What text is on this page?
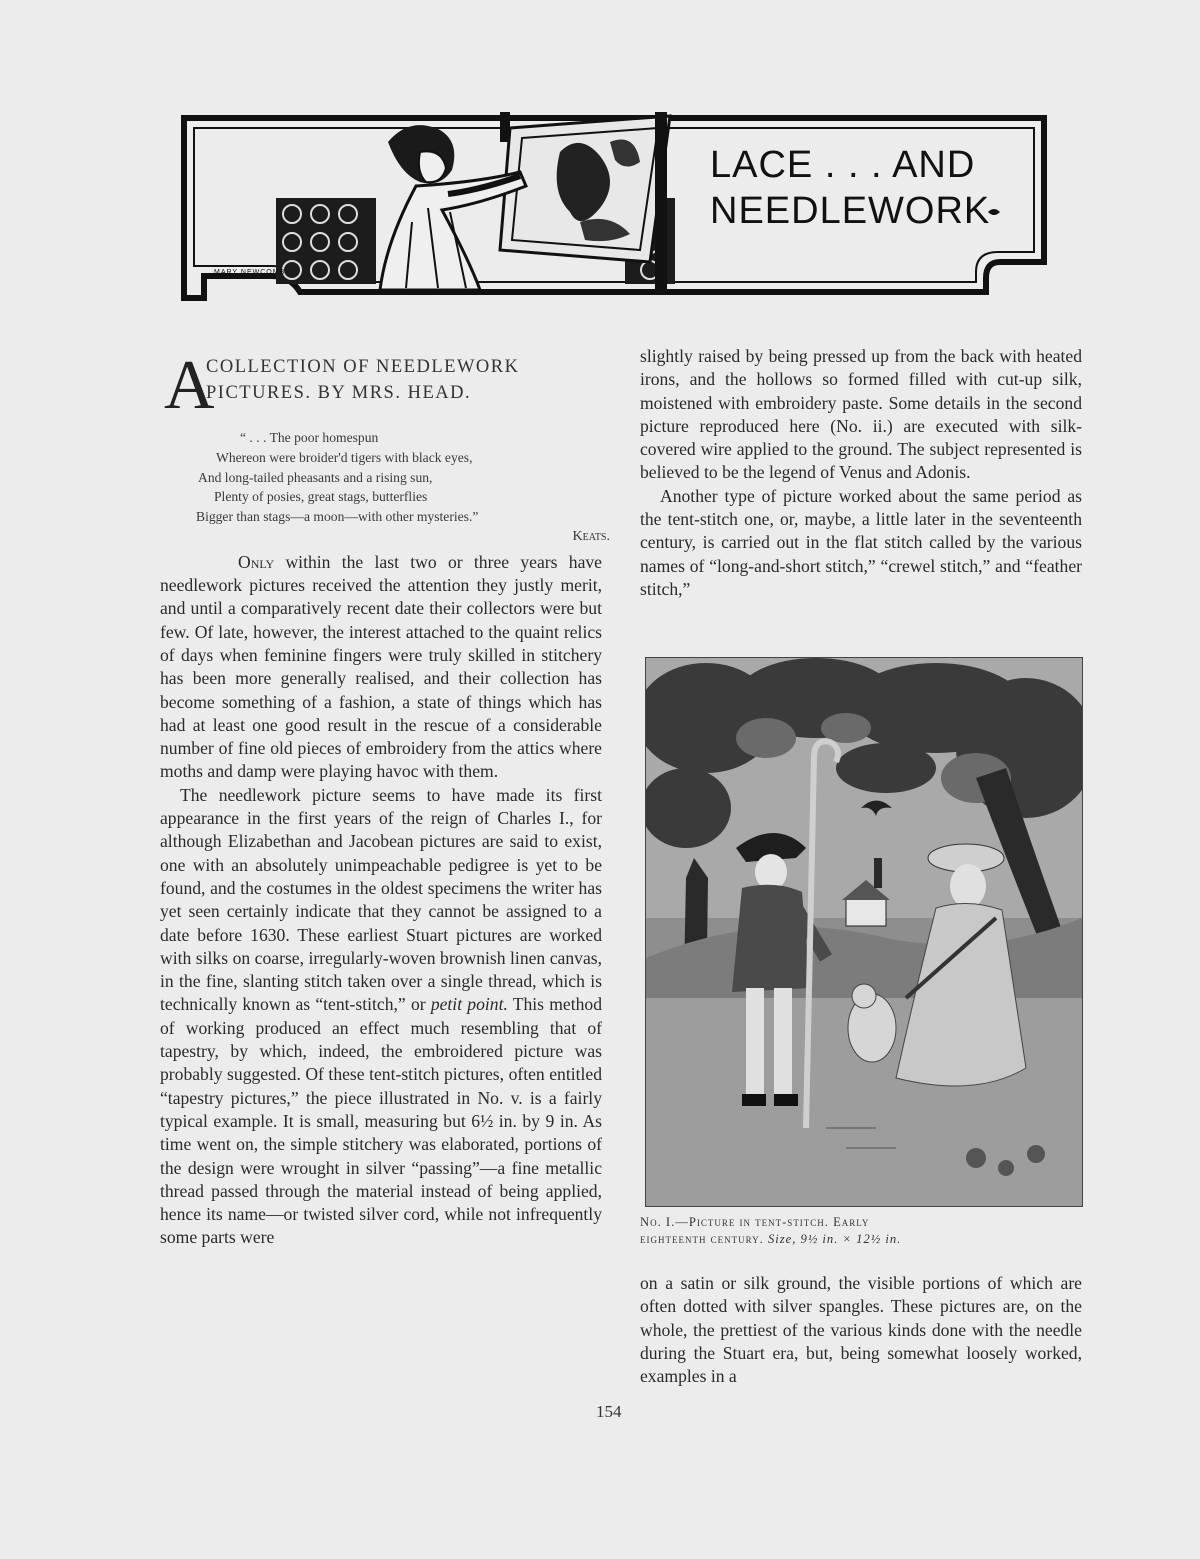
MARY NEWCOMB
LACE . . . AND
NEEDLEWORK
A
COLLECTION OF NEEDLEWORK
PICTURES. BY MRS. HEAD.
“ . . . The poor homespun
Whereon were broider'd tigers with black eyes,
And long-tailed pheasants and a rising sun,
Plenty of posies, great stags, butterflies
Bigger than stags—a moon—with other mysteries.”
Keats.

Only within the last two or three years have needlework pictures received the attention they justly merit, and until a comparatively recent date their collectors were but few. Of late, however, the interest attached to the quaint relics of days when feminine fingers were truly skilled in stitchery has been more generally realised, and their collection has become something of a fashion, a state of things which has had at least one good result in the rescue of a considerable number of fine old pieces of embroidery from the attics where moths and damp were playing havoc with them.

The needlework picture seems to have made its first appearance in the first years of the reign of Charles I., for although Elizabethan and Jacobean pictures are said to exist, one with an absolutely unimpeachable pedigree is yet to be found, and the costumes in the oldest specimens the writer has yet seen certainly indicate that they cannot be assigned to a date before 1630. These earliest Stuart pictures are worked with silks on coarse, irregularly-woven brownish linen canvas, in the fine, slanting stitch taken over a single thread, which is technically known as “tent-stitch,” or petit point. This method of working produced an effect much resembling that of tapestry, by which, indeed, the embroidered picture was probably suggested. Of these tent-stitch pictures, often entitled “tapestry pictures,” the piece illustrated in No. v. is a fairly typical example. It is small, measuring but 6½ in. by 9 in. As time went on, the simple stitchery was elaborated, portions of the design were wrought in silver “passing”—a fine metallic thread passed through the material instead of being applied, hence its name—or twisted silver cord, while not infrequently some parts were

slightly raised by being pressed up from the back with heated irons, and the hollows so formed filled with cut-up silk, moistened with embroidery paste. Some details in the second picture reproduced here (No. ii.) are executed with silk-covered wire applied to the ground. The subject represented is believed to be the legend of Venus and Adonis.

Another type of picture worked about the same period as the tent-stitch one, or, maybe, a little later in the seventeenth century, is carried out in the flat stitch called by the various names of “long-and-short stitch,” “crewel stitch,” and “feather stitch,”

No. I.—Picture in tent-stitch. Early
eighteenth century. Size, 9½ in. × 12½ in.

on a satin or silk ground, the visible portions of which are often dotted with silver spangles. These pictures are, on the whole, the prettiest of the various kinds done with the needle during the Stuart era, but, being somewhat loosely worked, examples in a

154
